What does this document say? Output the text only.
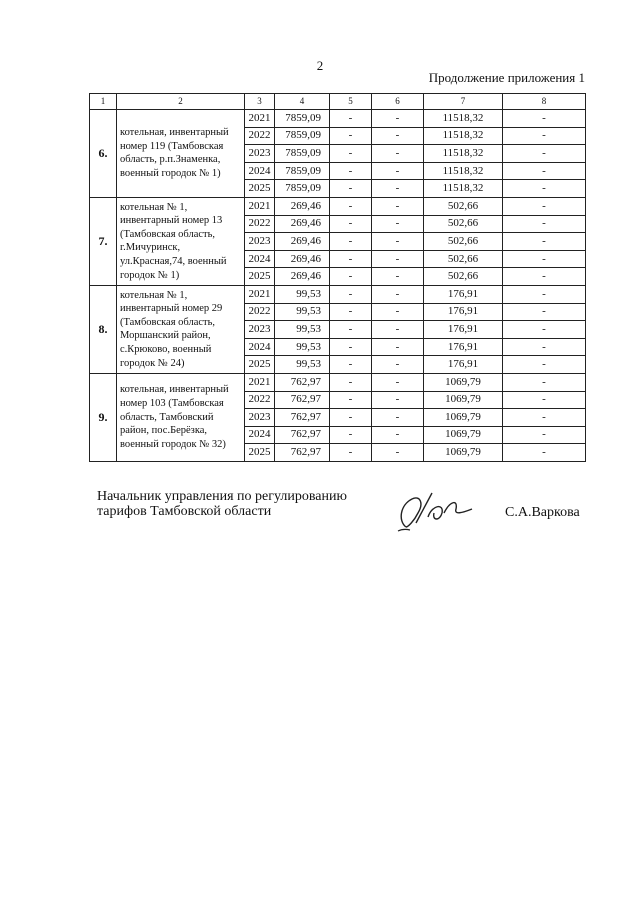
2
Продолжение приложения 1
1	2	3	4	5	6	7	8
6.	котельная, инвентарный номер 119 (Тамбовская область, р.п.Знаменка, военный городок № 1)	2021	7859,09	-	-	11518,32	-
		2022	7859,09	-	-	11518,32	-
		2023	7859,09	-	-	11518,32	-
		2024	7859,09	-	-	11518,32	-
		2025	7859,09	-	-	11518,32	-
7.	котельная № 1, инвентарный номер 13 (Тамбовская область, г.Мичуринск, ул.Красная,74, военный городок № 1)	2021	269,46	-	-	502,66	-
		2022	269,46	-	-	502,66	-
		2023	269,46	-	-	502,66	-
		2024	269,46	-	-	502,66	-
		2025	269,46	-	-	502,66	-
8.	котельная № 1, инвентарный номер 29 (Тамбовская область, Моршанский район, с.Крюково, военный городок № 24)	2021	99,53	-	-	176,91	-
		2022	99,53	-	-	176,91	-
		2023	99,53	-	-	176,91	-
		2024	99,53	-	-	176,91	-
		2025	99,53	-	-	176,91	-
9.	котельная, инвентарный номер 103 (Тамбовская область, Тамбовский район, пос.Берёзка, военный городок № 32)	2021	762,97	-	-	1069,79	-
		2022	762,97	-	-	1069,79	-
		2023	762,97	-	-	1069,79	-
		2024	762,97	-	-	1069,79	-
		2025	762,97	-	-	1069,79	-
Начальник управления по регулированию
тарифов Тамбовской области	С.А.Варкова
